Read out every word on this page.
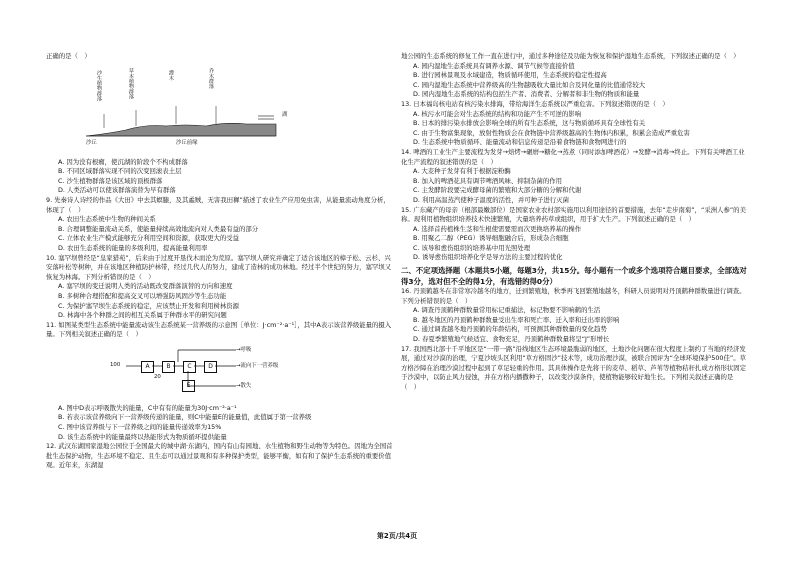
正确的是（　）

沙生植物群落	草本植物群落	灌木	乔木群落
湖
沙丘	沙丘前缘

A. 因为没有根瘤，使沉湖的阶段个不构成群落

B. 不同区域群落实现不同的次变回滚表土层

C. 沙生植物群落是该区域的顶极群落

D. 人类活动可以使该群落演替为早有群落

9. 先秦诗人诗经的作品《大田》中去其螟螣，及其蟊贼，无害我田穉”描述了农业生产应用免虫害，从能量流动角度分析，体现了（　）

A. 农田生态系统中生物的种间关系

B. 合理调整能量流动关系，使能量持续高效地流向对人类最有益的部分

C. 立体农业生产模式能够充分利用空间和资源，获取更大的受益

D. 农田生态系统的能量的多级利用，提高能量利用率

10. 塞罕坝曾经是“皇家猎苑”，后来由于过度开垦伐木而沦为荒原。塞罕坝人研究并确定了适合该地区的樟子松、云杉、兴安落叶松等树种，并在该地区种植防护林带，经过几代人的努力，建成了造林的成功林地。经过半个世纪的努力，塞罕坝又恢复为林海。下列分析错误的是（　）

A. 塞罕坝的变迁说明人类的活动既改变群落演替的方向和速度

B. 多树种合理搭配和提高交叉可以增强防风固沙等生态功能

C. 为保护塞罕坝生态系统的稳定，应该禁止开发和利用树林资源

D. 林海中各个种群之间的相互关系属于种群水平的研究问题

11. 如图某类型生态系统中能量流动该生态系统某一营养级的示意图［单位：J·cm⁻²·a⁻¹］，其中A表示该营养级能量的摄入量。下列相关叙述正确的是（　）

100	A	B	C	D
E
20
→呼吸
→流向下一营养级
→散失

A. 图中D表示呼吸散失的能量，C中有有的能量为30J·cm⁻²·a⁻¹

B. 若表示该营养级向下一营养级传递的能量，则C中能量E的能量值，此值属于第一营养级

C. 图中该营养级与下一营养级之间的能量传递效率为15%

D. 该生态系统中的能量最终以热能形式为物质循环提供能量

12. 武汉东湖国家湿地公园位于全国最大的城中湖·东湖内，国内有山有园地、水生植物和野生动物等为特色。因地为全国首批生态保护动物，生态环境不稳定、且生态可以通过景观和有多种保护类型，能够平衡，如有和了保护生态系统的重要价值观。近年来，东湖湿

地公园的生态系统的修复工作一直在进行中，通过多种途径及功能为恢复和保护湿地生态系统，下列叙述正确的是（　）

A. 园内湿地生态系统具有调养水源、调节气候等直接价值

B. 进行园林景观及水域建造，物质循环使用，生态系统的稳定性提高

C. 园内湿地生态系统中营养级高的生物越吸收大量比如合及同化量的比值通常较大

D. 园内湿地生态系统的结构包括生产者、消费者、分解者和非生物的物质和能量

13. 日本福岛核电站有核污染水排海，带给海洋生态系统以严重危害。下列叙述错误的是（　）

A. 核污水可能会对生态系统的结构和功能产生不可逆的影响

B. 日本的排污染水排放会影响全球的所有生态系统，这与物质循环具有全球性有关

C. 由于生物富集现象，放射性物质会在食物链中营养级越高的生物体内积累，积累会造成严重危害

D. 生态系统中物质循环、能量流动和信息传递是沿着食物链和食物网进行的

14. 啤酒的工业生产主要流程为发芽→焙烤→碾磨→糖化→蒸煮（同时添加啤酒花）→发酵→消毒→终止。下列有关啤酒工业化生产流程的叙述错误的是（　）

A. 大麦种子发芽有利于根据淀粉酶

B. 加入的啤酒花具有调节啤酒风味、抑制杂菌的作用

C. 主发酵阶段要完成酵母菌的繁殖和大部分糖的分解和代谢

D. 利用高温蒸汽使种子温度的活性，并可种子进行灭菌

15. 广东藏产的母亲（根部最嫩部位）是国家农业农村部实施用以利用途径的首要措施，去年“走步南菊”，“采洲人参”的美称。现利用植物组织培养技术快速繁殖，大量培养药草或组织，用于扩大生产。下列叙述正确的是（　）

A. 选择首药植株生茎和生根使需要需而次更换培养基的操作

B. 用聚乙二醇（PEG）诱导细胞融合后，形成杂合细胞

C. 该导和愈伤组织的培养基中用光照处理

D. 诱导愈伤组织培养化学是导方法的主要过程的优化

二、不定项选择题（本题共5小题，每题3分，共15分。每小题有一个或多个选项符合题目要求，全部选对得3分，选对但不全的得1分，有选错的得0分）

16. 丹顶鹤越冬在非常寒冷越冬的地方，迁到繁殖地，秋季再飞回繁殖地越冬，科研人员说明对丹顶鹤种群数量进行调查。下列分析错误的是（　）

A. 调查丹顶鹤种群数量常用标记重捕法，标记物要不影响鹤的生活

B. 越冬地区的丹顶鹤种群数量受出生率和死亡率、迁入率和迁出率的影响

C. 通过调查越冬地丹顶鹤的年龄结构，可预测其种群数量的变化趋势

D. 春夏季繁殖地气候适宜、食物充足，丹顶鹤种群数量将呈“J”形增长

17. 我国西北部十千平地区是“一带一路”沿线地区生态环境最脆弱的地区，土地沙化问题在很大程度上制约了当地的经济发展，通过对沙漠的治理，宁夏沙坡头区利用“草方格固沙”技术等，成功治理沙漠，被联合国评为“全球环境保护500佳”。草方格沙障在治理沙漠过程中起到了草足轻重的作用。其具体操作是先将干的麦草、稻草、芦苇等植物秸秆扎成方格形状固定于沙漠中，以防止风力侵蚀，并在方格内播撒种子，以改变沙漠条件，使植物能够较好地生长。下列相关叙述正确的是（　）

第2页/共4页
